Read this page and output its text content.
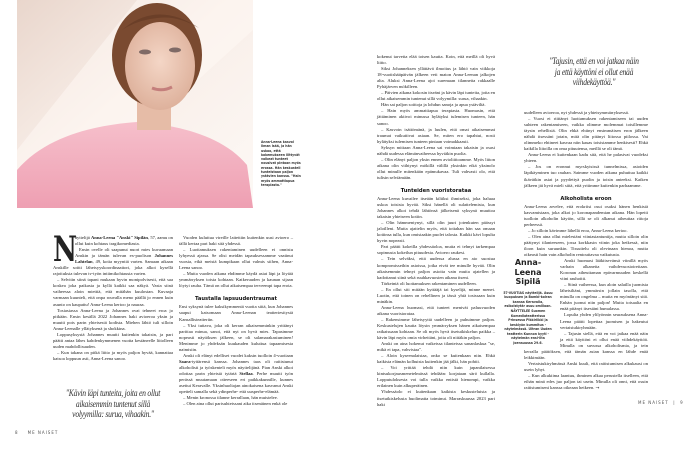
Anna-Leena kasvoi ilman isää, ja hän uskoo, että kokemukseen liittyvät vaikeat tunteet nousivat pintaan myös erossa. Hän keskusteli tunteistaan paljon ystävien kanssa. "Hain myös ammattiapua terapiasta."

N
äyttelijä Anna-Leena "Anski" Sipilän, 57, aamu on ollut kuin kohtaus tragikomediasta.

Ensin ovelle oli saapunut nuori mies kuvaamaan Anskin ja tämän tulevan ex-puolison Johannes Lahtelan, 49, kotia myyntiä varten. Samaan aikaan Anskille soitti läheisyyskoordinaattori, joka alkoi kysellä rajoituksia tulevan tv-työn intiimikohtausta varten.

– Selvitin siinä tapani mukaan hyvin monipolvisesti, että saa koskea joka paikasta ja kyllä kaikki saa näkyä. Vasta siinä vaiheessa aloin miettiä, että mitähän kuulostan. Kuvaaja varmaan kuunteli, että onpa rouvalla meno päällä jo ennen kuin asunto on kaupattu! Anna-Leena kertoo ja nauraa.

Tosiasiassa Anna-Leena ja Johannes ovat tehneet eroa jo pitkään. Ensin kesällä 2022 Johannes haki avioeroa yksin ja muutti pois parin yhteisestä kodista. Miehen lähtö tuli silloin Anna-Leenalle yllätyksenä ja shokkina.

Loppusyksystä Johannes muutti kuitenkin takaisin, ja pari päätti antaa lähes kahdenkymmenen vuotta kestäneelle liitolleen uuden mahdollisuuden.

– Kun takana on pitkä liitto ja myös paljon hyvää, kannattaa katsoa loppuun asti, Anna-Leena sanoo.

"Kävin läpi tunteita, joita en ollut aikaisemmin tuntenut sillä volyymilla: surua, vihaakin."

Vuoden kuluttua vireille laitettiin kuitenkin uusi avioero – tällä kertaa pari haki sitä yhdessä.

– Luottamuksen rakentaminen uudelleen ei onnistu lyhyessä ajassa. Se olisi meidän tapauksessamme vaatinut vuosia, eikä meistä kumpikaan ollut valmis siihen, Anna-Leena sanoo.

– Mutta vuoden aikana ehdimme käydä asiat läpi ja löytää ymmärryksen toista kohtaan. Katkeruuden ja kaunan sijaan löytyi rauha. Tämä on ollut aikaisempaa terveempi tapa erota.

Taustalla lapsuudentraumat

Ensi syksynä tulee kaksikymmentä vuotta siitä, kun Johannes saapui katsomaan Anna-Leenan teatteriesitystä Kansallisteatteriin.

– Yksi tuttava, joka oli kerran aikaisemminkin yrittänyt parittaa minua, sanoi, että nyt on hyvä mies. Tapasimme nopeasti näytöksen jälkeen, se oli salamarakastuminen! Menimme jo yhdeksän kuukauden kuluttua tapaamisesta naimisiin.

Anski oli elänyt edelliset vuodet kaksin tuolloin 4-vuotiaan Saara-tyttärensä kanssa. Johannes taas oli raitistunut alkoholisti ja työskenteli myös näyttelijänä. Pian Anski alkoi odottaa parin yhteistä tytärtä Stellaa. Perhe muutti työn perässä muutamaan otteeseen eri paikkakunnille, kunnes asettui Keravalle. Yksinhuoltajan ainokaisena kasvanut Anski opetteli samalla sekä ydinperhe- että uusperhe-elämää.

– Menin kronossa tilanne kerrallaan, hän muistelee.

– Olen aina ollut parisuhteissani aika itsenäinen enkä ole

8 ME NAISET

kokenut tarvetta elää toisen kautta. Koin, että meillä oli hyvä liitto.

Siksi Johanneksen yllättävä ilmoitus ja lähtö vain viikkoja 18-vuotishääpäivän jälkeen veti maton Anna-Leenan jalkojen alta. Aluksi Anna-Leena ajoi suremaan tilannetta rakkaalle Pyhäjärven mökilleen.

– Päivien aikana kokosin itseäni ja kävin läpi tunteita, joita en ollut aikaisemmin tuntenut sillä volyymilla: surua, vihaakin.

Hän sai paljon soittoja ja lohdun sanoja ja apua ystäviltä.

– Hain myös ammattiapua terapiasta. Huomasin, että jättäminen aktivoi minussa hylätyksi tulemisen tunteen, hän sanoo.

– Kasvoin isättömänä, ja luulen, että omat aikaisemmat traumat vaikuttivat asiaan. Se, miten ero tapahtui, nosti hylätyksi tulemisen tunteen pintaan voimakkaasti.

Syksyn mittaan Anna-Leena sai voimiaan takaisin ja osasi nähdä uudessa elämänvaiheessa hyviäkin puolia.

– Olin elänyt paljon yksin ennen avioliittoamme. Myös liiton aikana olin viihtynyt mökillä välillä yksinkin eikä yksinolo ollut minulle mitenkään epämukavaa. Tuli vahvasti olo, että tulisin selviämään.

Tunteiden vuoristorataa

Anna-Leena kuvailee itseään kiltiksi ihmiseksi, joka haluaa uskoa toisista hyvää. Siksi hänellä oli sulattelemista, kun Johannes alkoi tehdä lähtönsä jälkeisenä syksynä muuttoa takaisin yhteiseen kotiin.

– Olin hämmentynyt, sillä olin juuri jotenkuten päässyt jaloilleni. Mutta ajattelin myös, että tottahan hän saa omaan kotiinsa tulla, kun omistaakin puolet talosta. Kaikki kävi lopulta hyvin nopeasti.

Pari päätti kokeilla yhdessäoloa, mutta ei tehnyt tarkempaa sopimusta kokeilun pituudesta. Avioero raukesi.

– Tein selväksi, että uudessa alussa en aio suostua kompromisseihin asioissa, jotka eivät tee minulle hyvää. Olin aikaisemmin tehnyt paljon asioita vain muita ajatellen ja kadottanut siinä sekä ruuhkavuosien aikana itseni.

Tärkeintä oli luottamuksen rakentaminen uudelleen.

– En ollut siti mitään kyttääjä tai kyselijä, minne menet. Luotin, että toinen on rehellinen ja tässä yhtä tosissaan kuin minäkin.

Anna-Leena huomasi, että tunteet menivät paluuvuoden aikana vuoristorataa.

– Rakensimme läheisyyttä uudelleen ja puhuimme paljon. Keskustelujen kautta löysin ymmärryksen hänen aikaisempaa ratkaisuaan kohtaan. Se oli myös hyvä itsetutkiskelun paikka – kävin läpi myös omia virheitäni, joita oli niitäkin paljon.

Anski on aina hokenut vaikeissa tilanteissa sananlaskua "se, mikä ei tapa, vahvistaa".

– Aloin kyseenalaistaa, onko se kuitenkaan niin. Ehkä kaikista elämän kolhuista kuitenkin jää jälki, hän pohtii.

– Voi yrittää tehdä niin kuin japanilaisessa kintsukorjausmenetelmässä tehdään: korjataan särö kullalla. Lopputuloksesta voi tulla vaikka entistä hienompi, vaikka erilainen kuin alkuperäinen.

Yhdessäolo ei kuitenkaan kaikista keskusteluista ja itsetutkiskelusta huolimatta toiminut. Marraskuussa 2023 pari haki

"Tajusin, että en voi jatkaa näin ja että käyttöni ei ollut enää viihdekäyttöä."

uudelleen avioeroa, nyt yhdessä ja yhteisymmärryksessä.

– Vuosi ei riittänyt luottamuksen rakentamiseen tai uuden suhteen rakentamiseen, vaikka olimme molemmat toisillemme täysin rehellisiä. Olin ehkä ehtinyt ensimmäisen eron jälkeen nähdä itsessäni jotain, mitä olin pitänyt liitossa piilossa. Vai olimmeko ehtineet kasvaa niin kauas toisistamme henkisesti? Ehkä kaikilla liitoilla on oma pituutensa, meillä se oli tämä.

Anna-Leena ei kuitenkaan kadu sitä, että he palasivat vuodeksi yhteen.

– Jos on eronnut myrskyisissä tunnelmissa, asioiden läpikäyminen tuo rauhan. Saimme vuoden aikana puhuttua kaikki ikävätkin asiat ja pyydettyä puolin ja toisin anteeksi. Kaiken jälkeen jäi hyvä mieli siitä, että yritimme kuitenkin parhaamme.

Alkoholista eroon

Anna-Leena arvelee, että erokriisi osui osaksi hänen henkistä kasvamistaan, joka alkoi jo koronapandemian aikana. Hän lopetti tuolloin alkoholin käytön, sillä se oli alkanut aiheuttaa riitoja perheessä.

– Jo silloin kävimme lähellä eroa, Anna-Leena kertoo.

– Olen aina ollut mielestäni viiniasiantuntija, mutta silloin olin päätynyt tilanteeseen, jossa korkkasin viinin joka hetkessä, niin iloon kuin suruunkin. Tissuttelu oli olevinaan hienoa, mutta oikeasti hain vain alkoholin rentouttavaa vaikutusta.

Anna-Leena Sipilä
57-VUOTIAS näyttelijä. Asuu kuopuksen ja Bambi-koiran kanssa Keravalla, esikoistytär asuu omillaan. NÄYTTELEE Suomen Komediateatterissa Prinsessa Pikkiriikki ja keskiyön kummitus -näytelmässä. Ultran Uuden teatterin Kunnon kyyti -näytelmän ensi-ilta Joensuussa 29.6.

Anski huomasi lääkitsevänsä viinillä myös varhain alkaneita vaihdevuosioireitaan. Koronan aiheuttaman epävarmuuden keskellä viini rauhoitti.

– Siinä vaiheessa, kun aloin salailla juomista läheisiltäni, ymmärsin jollain tasolla, että minulla on ongelma – mutta en myöntänyt sitä. Enhän juonut niin paljon! Mutta toisaalta en enää pitänyt itsestäni humalassa.

Lopulta yhden ylilyönnin seurauksena Anna-Leena päätti lopettaa juomisen ja hakeutui vertaistukiryhmään.

– Tajusin siellä, että en voi jatkaa enää näin ja että käyttöni ei ollut enää viihdekäyttöä. Minulla on suvussa alkoholismia, ja tein kerralla päätöksen, että tämän asian kanssa en lähde enää leikkimään.

Vertaistukiryhmässä Anski kuuli, että raitistumisen alkukausi on usein lyhyt.

– Kun alkukiima laantuu, ihminen alkaa perustella itselleen, että eihän minä edes juo paljon tai usein. Minulla oli onni, että osuin raitistumiseni kanssa oikeaan hetkeen. →

ME NAISET  |  9
